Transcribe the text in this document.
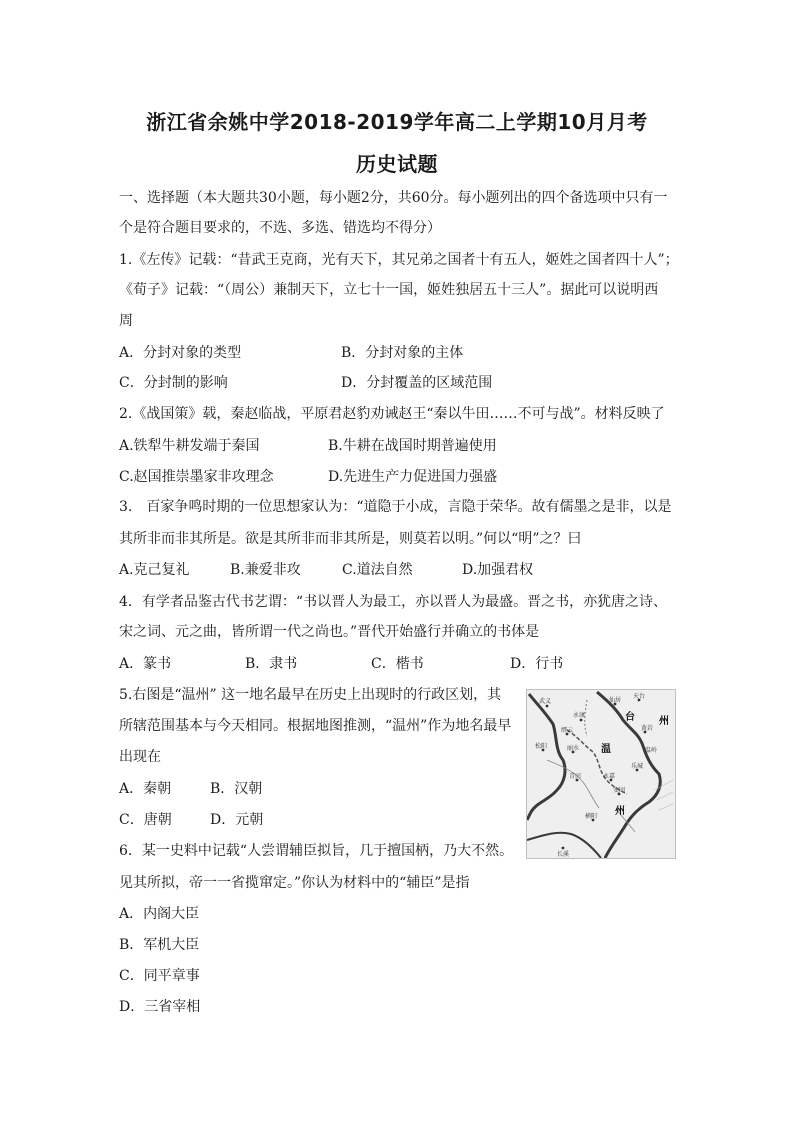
浙江省余姚中学2018-2019学年高二上学期10月月考
历史试题
一、选择题（本大题共30小题，每小题2分，共60分。每小题列出的四个备选项中只有一
个是符合题目要求的，不选、多选、错选均不得分）
1.《左传》记载：“昔武王克商，光有天下，其兄弟之国者十有五人，姬姓之国者四十人”；
《荀子》记载：“（周公）兼制天下，立七十一国，姬姓独居五十三人”。据此可以说明西
周
A．分封对象的类型	B．分封对象的主体
C．分封制的影响	D．分封覆盖的区域范围
2.《战国策》载，秦赵临战，平原君赵豹劝诫赵王“秦以牛田……不可与战”。材料反映了
A.铁犁牛耕发端于秦国	B.牛耕在战国时期普遍使用
C.赵国推崇墨家非攻理念	D.先进生产力促进国力强盛
3.　百家争鸣时期的一位思想家认为：“道隐于小成，言隐于荣华。故有儒墨之是非，以是
其所非而非其所是。欲是其所非而非其所是，则莫若以明。”何以“明”之？曰
A.克己复礼	B.兼爱非攻	C.道法自然	D.加强君权
4．有学者品鉴古代书艺谓：“书以晋人为最工，亦以晋人为最盛。晋之书，亦犹唐之诗、
宋之词、元之曲，皆所谓一代之尚也。”晋代开始盛行并确立的书体是
A．篆书	B．隶书	C．楷书	D．行书
5.右图是“温州” 这一地名最早在历史上出现时的行政区划，其
所辖范围基本与今天相同。根据地图推测，“温州”作为地名最早
出现在
A．秦朝	B．汉朝
C．唐朝	D．元朝
武义
永康
仙居
天台
台 州
黄岩
温岭
缙云
松阳	丽水
青田	永嘉
乐城
温
州
安固
横阳
长溪
6．某一史料中记载“人尝谓辅臣拟旨，几于擅国柄，乃大不然。
见其所拟，帝一一省揽窜定。”你认为材料中的“辅臣”是指
A．内阁大臣
B．军机大臣
C．同平章事
D．三省宰相
